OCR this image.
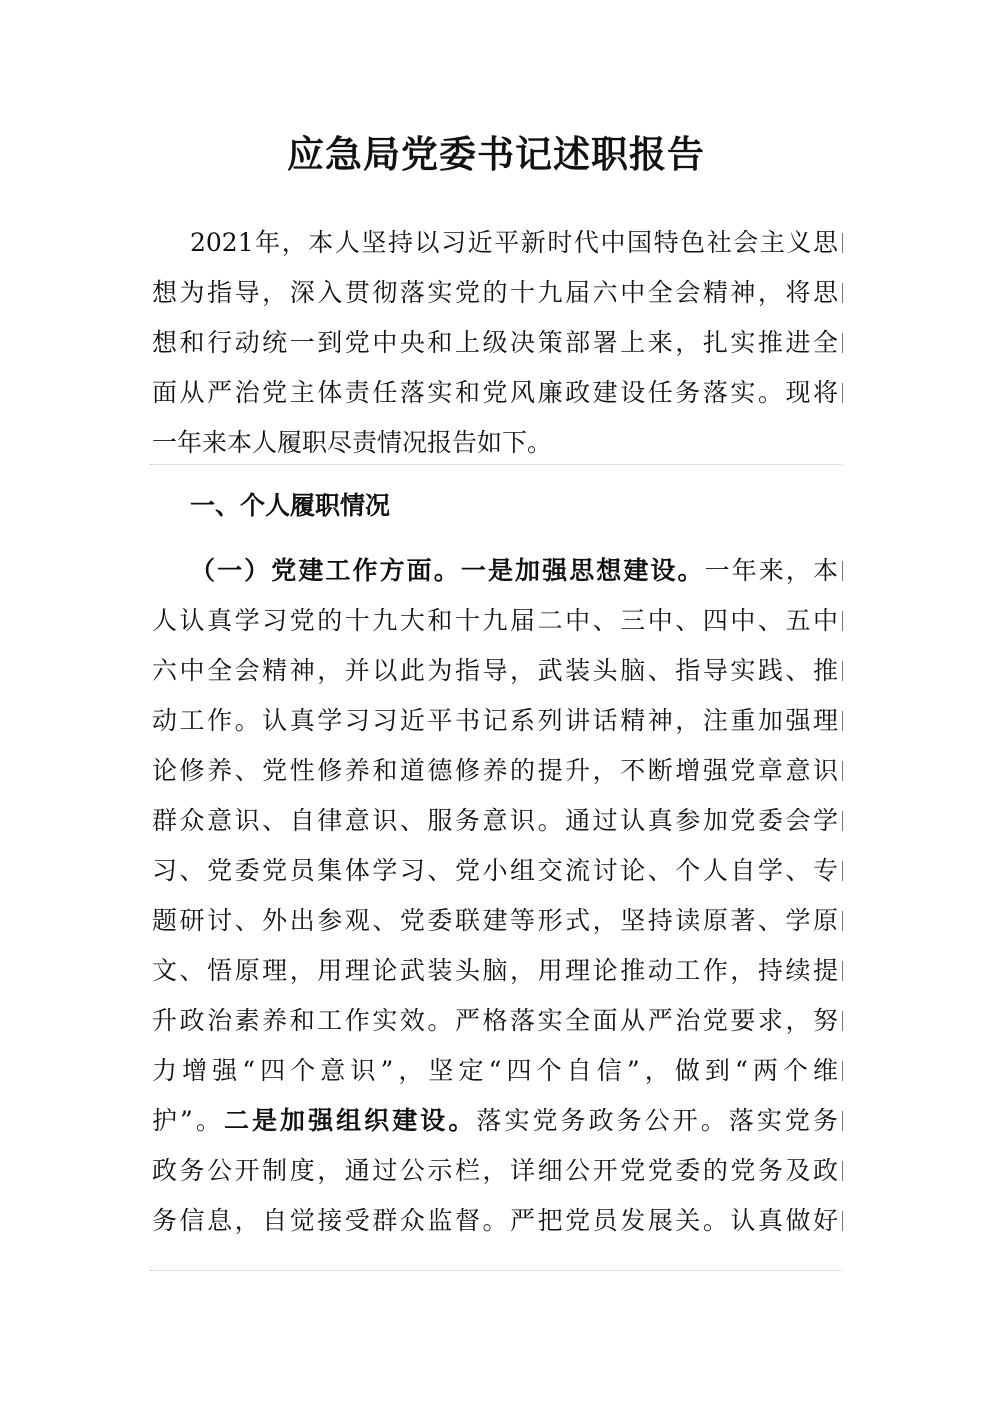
应急局党委书记述职报告
2021年，本人坚持以习近平新时代中国特色社会主义思
想为指导，深入贯彻落实党的十九届六中全会精神，将思
想和行动统一到党中央和上级决策部署上来，扎实推进全
面从严治党主体责任落实和党风廉政建设任务落实。现将
一年来本人履职尽责情况报告如下。
一、个人履职情况
（一）党建工作方面。一是加强思想建设。一年来，本
人认真学习党的十九大和十九届二中、三中、四中、五中
六中全会精神，并以此为指导，武装头脑、指导实践、推
动工作。认真学习习近平书记系列讲话精神，注重加强理
论修养、党性修养和道德修养的提升，不断增强党章意识
群众意识、自律意识、服务意识。通过认真参加党委会学
习、党委党员集体学习、党小组交流讨论、个人自学、专
题研讨、外出参观、党委联建等形式，坚持读原著、学原
文、悟原理，用理论武装头脑，用理论推动工作，持续提
升政治素养和工作实效。严格落实全面从严治党要求，努
力增强“四个意识”，坚定“四个自信”，做到“两个维
护”。二是加强组织建设。落实党务政务公开。落实党务
政务公开制度，通过公示栏，详细公开党党委的党务及政
务信息，自觉接受群众监督。严把党员发展关。认真做好
